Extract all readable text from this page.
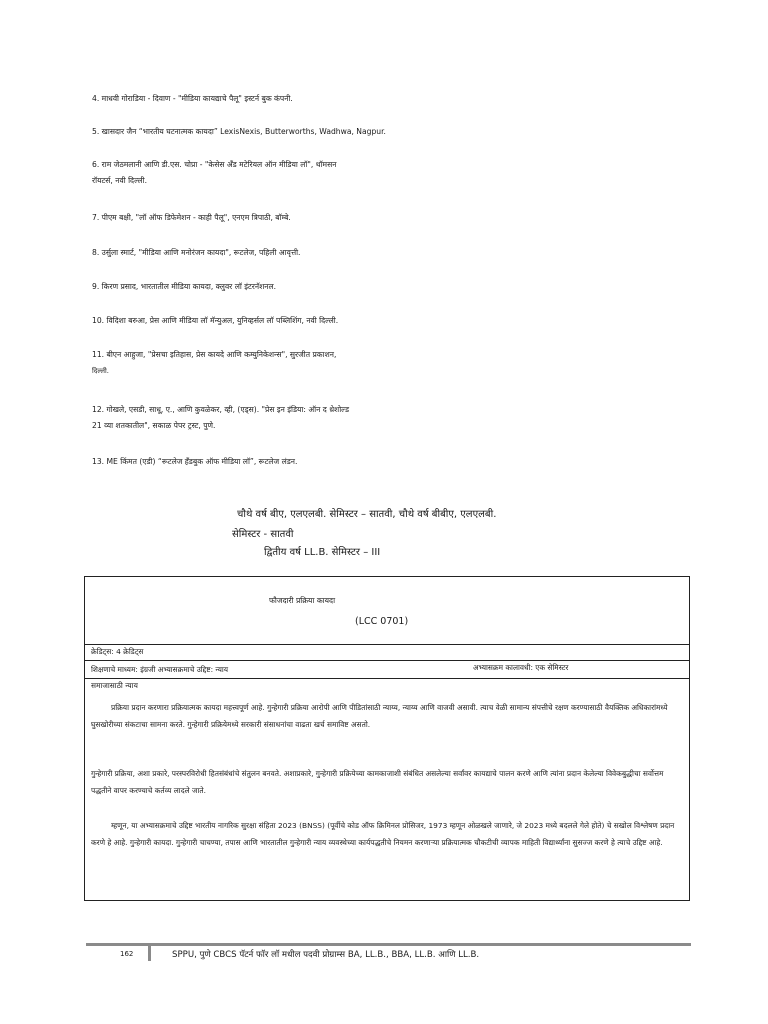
4. माधवी गोराडिया - दिवाण - "मीडिया कायद्याचे पैलू" इस्टर्न बुक कंपनी.
5. खासदार जैन “भारतीय घटनात्मक कायदा” LexisNexis, Butterworths, Wadhwa, Nagpur.
6. राम जेठमलानी आणि डी.एस. चोप्रा - "केसेस अँड मटेरियल ऑन मीडिया लॉ", थॉमसन
रॉयटर्स, नवी दिल्ली.
7. पीएम बक्षी, "लॉ ऑफ डिफेमेशन - काही पैलू", एनएम त्रिपाठी, बॉम्बे.
8. उर्सुला स्मार्ट, "मीडिया आणि मनोरंजन कायदा", रूटलेज, पहिली आवृत्ती.
9. किरण प्रसाद, भारतातील मीडिया कायदा, क्लुवर लॉ इंटरनॅशनल.
10. विदिशा बरुआ, प्रेस आणि मीडिया लॉ मॅन्युअल, युनिव्हर्सल लॉ पब्लिशिंग, नवी दिल्ली.
11. बीएन आहुजा, "प्रेसचा इतिहास, प्रेस कायदे आणि कम्युनिकेशन्स", सुरजीत प्रकाशन,
दिल्ली.
12. गोखले, एसडी, साधू, ए., आणि कुवळेकर, व्ही, (एड्स). "प्रेस इन इंडिया: ऑन द थ्रेशोल्ड
21 व्या शतकातील", सकाळ पेपर ट्रस्ट, पुणे.
13. ME किंमत (एडी) “रूटलेज हँडबुक ऑफ मीडिया लॉ”, रूटलेज लंडन.
चौथे वर्ष बीए, एलएलबी. सेमिस्टर – सातवी, चौथे वर्ष बीबीए, एलएलबी.
सेमिस्टर - सातवी
द्वितीय वर्ष LL.B. सेमिस्टर – III
फौजदारी प्रक्रिया कायदा
(LCC 0701)
क्रेडिट्स: 4 क्रेडिट्स
शिक्षणाचे माध्यम: इंग्रजी अभ्यासक्रमाचे उद्दिष्ट: न्याय	अभ्यासक्रम कालावधी: एक सेमिस्टर
समाजासाठी न्याय
प्रक्रिया प्रदान करणारा प्रक्रियात्मक कायदा महत्त्वपूर्ण आहे. गुन्हेगारी प्रक्रिया आरोपी आणि पीडितांसाठी न्याय्य, न्याय्य आणि वाजवी असावी. त्याच वेळी सामान्य संपत्तीचे रक्षण करण्यासाठी वैयक्तिक अधिकारांमध्ये घुसखोरीच्या संकटाचा सामना करते. गुन्हेगारी प्रक्रियेमध्ये सरकारी संसाधनांचा वाढता खर्च समाविष्ट असतो.
गुन्हेगारी प्रक्रिया, अशा प्रकारे, परस्परविरोधी हितसंबंधांचे संतुलन बनवते. अशाप्रकारे, गुन्हेगारी प्रक्रियेच्या कामकाजाशी संबंधित असलेल्या सर्वांवर कायद्याचे पालन करणे आणि त्यांना प्रदान केलेल्या विवेकबुद्धीचा सर्वोत्तम पद्धतीने वापर करण्याचे कर्तव्य लादले जाते.
म्हणून, या अभ्यासक्रमाचे उद्दिष्ट भारतीय नागरिक सुरक्षा संहिता 2023 (BNSS) (पूर्वीचे कोड ऑफ क्रिमिनल प्रोसिजर, 1973 म्हणून ओळखले जाणारे, जे 2023 मध्ये बदलले गेले होते) चे सखोल विश्लेषण प्रदान करणे हे आहे. गुन्हेगारी कायदा. गुन्हेगारी चाचण्या, तपास आणि भारतातील गुन्हेगारी न्याय व्यवस्थेच्या कार्यपद्धतीचे नियमन करणाऱ्या प्रक्रियात्मक चौकटीची व्यापक माहिती विद्यार्थ्यांना सुसज्ज करणे हे त्याचे उद्दिष्ट आहे.
162	SPPU, पुणे CBCS पॅटर्न फॉर लॉ मधील पदवी प्रोग्राम्स BA, LL.B., BBA, LL.B. आणि LL.B.
